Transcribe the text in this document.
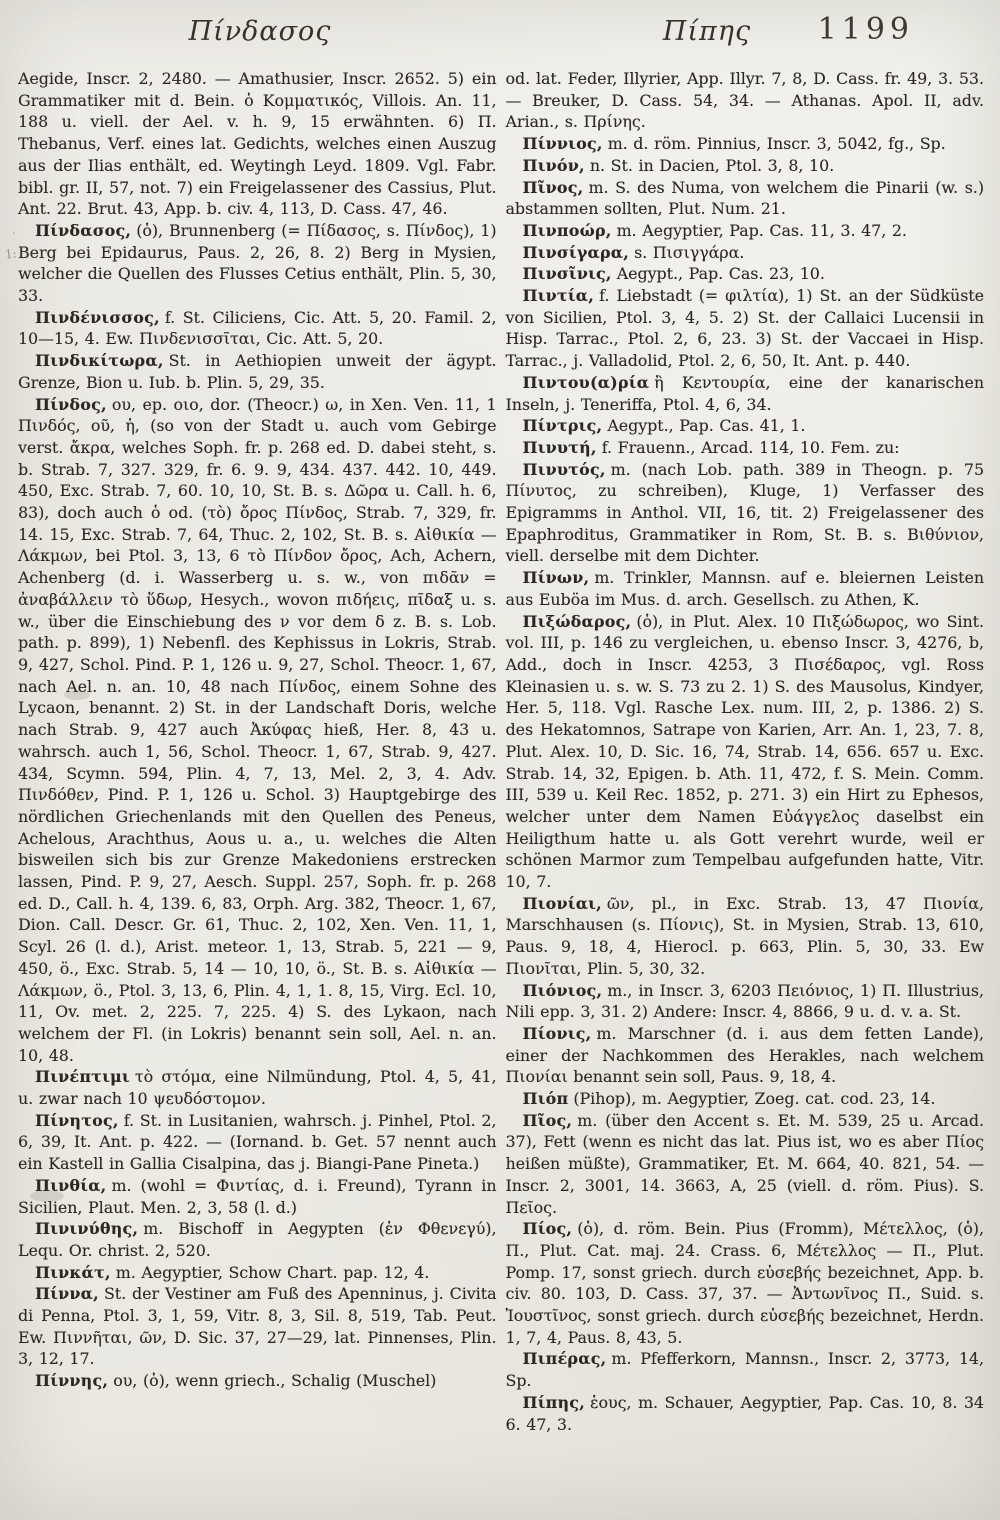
Πίνδασος	Πίπης	1199

Aegide, Inscr. 2, 2480. — Amathusier, Inscr. 2652. 5) ein Grammatiker mit d. Bein. ὁ Κομματικός, Villois. An. 11, 188 u. viell. der Ael. v. h. 9, 15 erwähnten. 6) Π. Thebanus, Verf. eines lat. Gedichts, welches einen Auszug aus der Ilias enthält, ed. Weytingh Leyd. 1809. Vgl. Fabr. bibl. gr. II, 57, not. 7) ein Freigelassener des Cassius, Plut. Ant. 22. Brut. 43, App. b. civ. 4, 113, D. Cass. 47, 46.

Πίνδασος, (ὁ), Brunnenberg (= Πίδασος, s. Πίνδος), 1) Berg bei Epidaurus, Paus. 2, 26, 8. 2) Berg in Mysien, welcher die Quellen des Flusses Cetius enthält, Plin. 5, 30, 33.

Πινδένισσος, f. St. Ciliciens, Cic. Att. 5, 20. Famil. 2, 10—15, 4. Ew. Πινδενισσῖται, Cic. Att. 5, 20.

Πινδικίτωρα, St. in Aethiopien unweit der ägypt. Grenze, Bion u. Iub. b. Plin. 5, 29, 35.

Πίνδος, ου, ep. οιο, dor. (Theocr.) ω, in Xen. Ven. 11, 1 Πινδός, οῦ, ἡ, (so von der Stadt u. auch vom Gebirge verst. ἄκρα, welches Soph. fr. p. 268 ed. D. dabei steht, s. b. Strab. 7, 327. 329, fr. 6. 9. 9, 434. 437. 442. 10, 449. 450, Exc. Strab. 7, 60. 10, 10, St. B. s. Δῶρα u. Call. h. 6, 83), doch auch ὁ od. (τὸ) ὄρος Πίνδος, Strab. 7, 329, fr. 14. 15, Exc. Strab. 7, 64, Thuc. 2, 102, St. B. s. Αἰθικία — Λάκμων, bei Ptol. 3, 13, 6 τὸ Πίνδον ὄρος, Ach, Achern, Achenberg (d. i. Wasserberg u. s. w., von πιδᾶν = ἀναβάλλειν τὸ ὕδωρ, Hesych., wovon πιδήεις, πῖδαξ u. s. w., über die Einschiebung des ν vor dem δ z. B. s. Lob. path. p. 899), 1) Nebenfl. des Kephissus in Lokris, Strab. 9, 427, Schol. Pind. P. 1, 126 u. 9, 27, Schol. Theocr. 1, 67, nach Ael. n. an. 10, 48 nach Πίνδος, einem Sohne des Lycaon, benannt. 2) St. in der Landschaft Doris, welche nach Strab. 9, 427 auch Ἀκύφας hieß, Her. 8, 43 u. wahrsch. auch 1, 56, Schol. Theocr. 1, 67, Strab. 9, 427. 434, Scymn. 594, Plin. 4, 7, 13, Mel. 2, 3, 4. Adv. Πινδόθεν, Pind. P. 1, 126 u. Schol. 3) Hauptgebirge des nördlichen Griechenlands mit den Quellen des Peneus, Achelous, Arachthus, Aous u. a., u. welches die Alten bisweilen sich bis zur Grenze Makedoniens erstrecken lassen, Pind. P. 9, 27, Aesch. Suppl. 257, Soph. fr. p. 268 ed. D., Call. h. 4, 139. 6, 83, Orph. Arg. 382, Theocr. 1, 67, Dion. Call. Descr. Gr. 61, Thuc. 2, 102, Xen. Ven. 11, 1, Scyl. 26 (l. d.), Arist. meteor. 1, 13, Strab. 5, 221 — 9, 450, ö., Exc. Strab. 5, 14 — 10, 10, ö., St. B. s. Αἰθικία — Λάκμων, ö., Ptol. 3, 13, 6, Plin. 4, 1, 1. 8, 15, Virg. Ecl. 10, 11, Ov. met. 2, 225. 7, 225. 4) S. des Lykaon, nach welchem der Fl. (in Lokris) benannt sein soll, Ael. n. an. 10, 48.

Πινέπτιμι τὸ στόμα, eine Nilmündung, Ptol. 4, 5, 41, u. zwar nach 10 ψευδόστομον.

Πίνητος, f. St. in Lusitanien, wahrsch. j. Pinhel, Ptol. 2, 6, 39, It. Ant. p. 422. — (Iornand. b. Get. 57 nennt auch ein Kastell in Gallia Cisalpina, das j. Biangi-Pane Pineta.)

Πινθία, m. (wohl = Φιντίας, d. i. Freund), Tyrann in Sicilien, Plaut. Men. 2, 3, 58 (l. d.)

Πινινύθης, m. Bischoff in Aegypten (ἐν Φθενεγύ), Lequ. Or. christ. 2, 520.

Πινκάτ, m. Aegyptier, Schow Chart. pap. 12, 4.

Πίννα, St. der Vestiner am Fuß des Apenninus, j. Civita di Penna, Ptol. 3, 1, 59, Vitr. 8, 3, Sil. 8, 519, Tab. Peut. Ew. Πιννῆται, ῶν, D. Sic. 37, 27—29, lat. Pinnenses, Plin. 3, 12, 17.

Πίννης, ου, (ὁ), wenn griech., Schalig (Muschel)

od. lat. Feder, Illyrier, App. Illyr. 7, 8, D. Cass. fr. 49, 3. 53. — Breuker, D. Cass. 54, 34. — Athanas. Apol. II, adv. Arian., s. Πρίνης.

Πίννιος, m. d. röm. Pinnius, Inscr. 3, 5042, fg., Sp.

Πινόν, n. St. in Dacien, Ptol. 3, 8, 10.

Πῖνος, m. S. des Numa, von welchem die Pinarii (w. s.) abstammen sollten, Plut. Num. 21.

Πινποώρ, m. Aegyptier, Pap. Cas. 11, 3. 47, 2.

Πινσίγαρα, s. Πισιγγάρα.

Πινσῖνις, Aegypt., Pap. Cas. 23, 10.

Πιντία, f. Liebstadt (= φιλτία), 1) St. an der Südküste von Sicilien, Ptol. 3, 4, 5. 2) St. der Callaici Lucensii in Hisp. Tarrac., Ptol. 2, 6, 23. 3) St. der Vaccaei in Hisp. Tarrac., j. Valladolid, Ptol. 2, 6, 50, It. Ant. p. 440.

Πιντου(α)ρία ἢ Κεντουρία, eine der kanarischen Inseln, j. Teneriffa, Ptol. 4, 6, 34.

Πίντρις, Aegypt., Pap. Cas. 41, 1.

Πινυτή, f. Frauenn., Arcad. 114, 10. Fem. zu:

Πινυτός, m. (nach Lob. path. 389 in Theogn. p. 75 Πίνυτος, zu schreiben), Kluge, 1) Verfasser des Epigramms in Anthol. VII, 16, tit. 2) Freigelassener des Epaphroditus, Grammatiker in Rom, St. B. s. Βιθύνιον, viell. derselbe mit dem Dichter.

Πίνων, m. Trinkler, Mannsn. auf e. bleiernen Leisten aus Euböa im Mus. d. arch. Gesellsch. zu Athen, K.

Πιξώδαρος, (ὁ), in Plut. Alex. 10 Πιξώδωρος, wo Sint. vol. III, p. 146 zu vergleichen, u. ebenso Inscr. 3, 4276, b, Add., doch in Inscr. 4253, 3 Πισέδαρος, vgl. Ross Kleinasien u. s. w. S. 73 zu 2. 1) S. des Mausolus, Kindyer, Her. 5, 118. Vgl. Rasche Lex. num. III, 2, p. 1386. 2) S. des Hekatomnos, Satrape von Karien, Arr. An. 1, 23, 7. 8, Plut. Alex. 10, D. Sic. 16, 74, Strab. 14, 656. 657 u. Exc. Strab. 14, 32, Epigen. b. Ath. 11, 472, f. S. Mein. Comm. III, 539 u. Keil Rec. 1852, p. 271. 3) ein Hirt zu Ephesos, welcher unter dem Namen Εὐάγγελος daselbst ein Heiligthum hatte u. als Gott verehrt wurde, weil er schönen Marmor zum Tempelbau aufgefunden hatte, Vitr. 10, 7.

Πιονίαι, ῶν, pl., in Exc. Strab. 13, 47 Πιονία, Marschhausen (s. Πίονις), St. in Mysien, Strab. 13, 610, Paus. 9, 18, 4, Hierocl. p. 663, Plin. 5, 30, 33. Ew Πιονῖται, Plin. 5, 30, 32.

Πιόνιος, m., in Inscr. 3, 6203 Πειόνιος, 1) Π. Illustrius, Nili epp. 3, 31. 2) Andere: Inscr. 4, 8866, 9 u. d. v. a. St.

Πίονις, m. Marschner (d. i. aus dem fetten Lande), einer der Nachkommen des Herakles, nach welchem Πιονίαι benannt sein soll, Paus. 9, 18, 4.

Πιόπ (Pihop), m. Aegyptier, Zoeg. cat. cod. 23, 14.

Πῖος, m. (über den Accent s. Et. M. 539, 25 u. Arcad. 37), Fett (wenn es nicht das lat. Pius ist, wo es aber Πίος heißen müßte), Grammatiker, Et. M. 664, 40. 821, 54. — Inscr. 2, 3001, 14. 3663, A, 25 (viell. d. röm. Pius). S. Πεῖος.

Πίος, (ὁ), d. röm. Bein. Pius (Fromm), Μέτελλος, (ὁ), Π., Plut. Cat. maj. 24. Crass. 6, Μέτελλος — Π., Plut. Pomp. 17, sonst griech. durch εὐσεβής bezeichnet, App. b. civ. 80. 103, D. Cass. 37, 37. — Ἀντωνῖνος Π., Suid. s. Ἰουστῖνος, sonst griech. durch εὐσεβής bezeichnet, Herdn. 1, 7, 4, Paus. 8, 43, 5.

Πιπέρας, m. Pfefferkorn, Mannsn., Inscr. 2, 3773, 14, Sp.

Πίπης, ἑους, m. Schauer, Aegyptier, Pap. Cas. 10, 8. 34 6. 47, 3.

1:
,
